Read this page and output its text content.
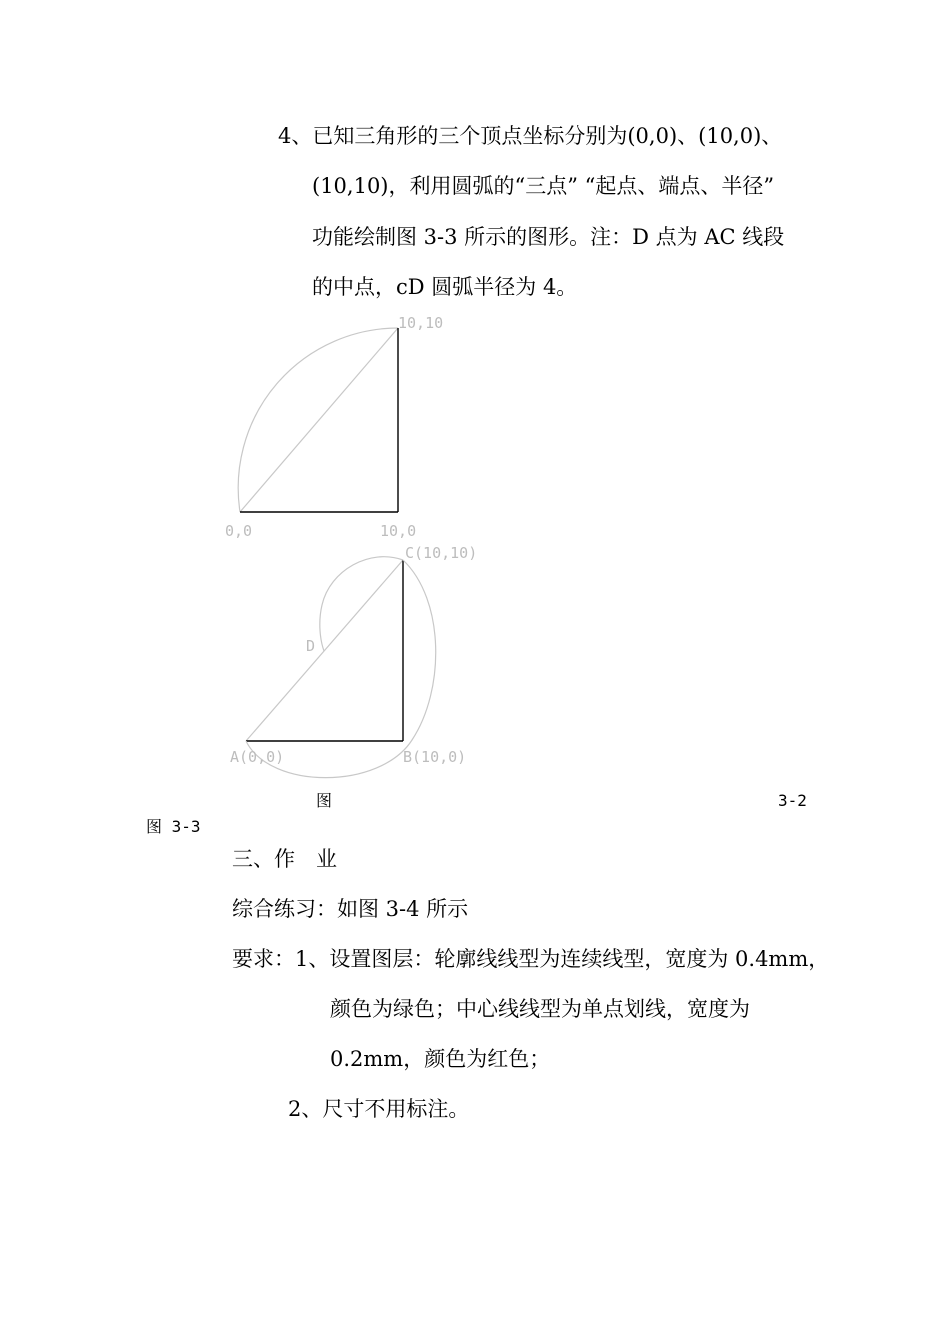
4、已知三角形的三个顶点坐标分别为(0,0)、(10,0)、
(10,10)，利用圆弧的“三点” “起点、端点、半径”
功能绘制图 3-3 所示的图形。注：D 点为 AC 线段
的中点，cD 圆弧半径为 4。
10,10
0,0	10,0
C(10,10)
D
A(0,0)	B(10,0)
图	3-2
图 3-3
三、作　业
综合练习：如图 3-4 所示
要求：1、设置图层：轮廓线线型为连续线型，宽度为 0.4mm，
颜色为绿色；中心线线型为单点划线，宽度为
0.2mm，颜色为红色；
2、尺寸不用标注。
